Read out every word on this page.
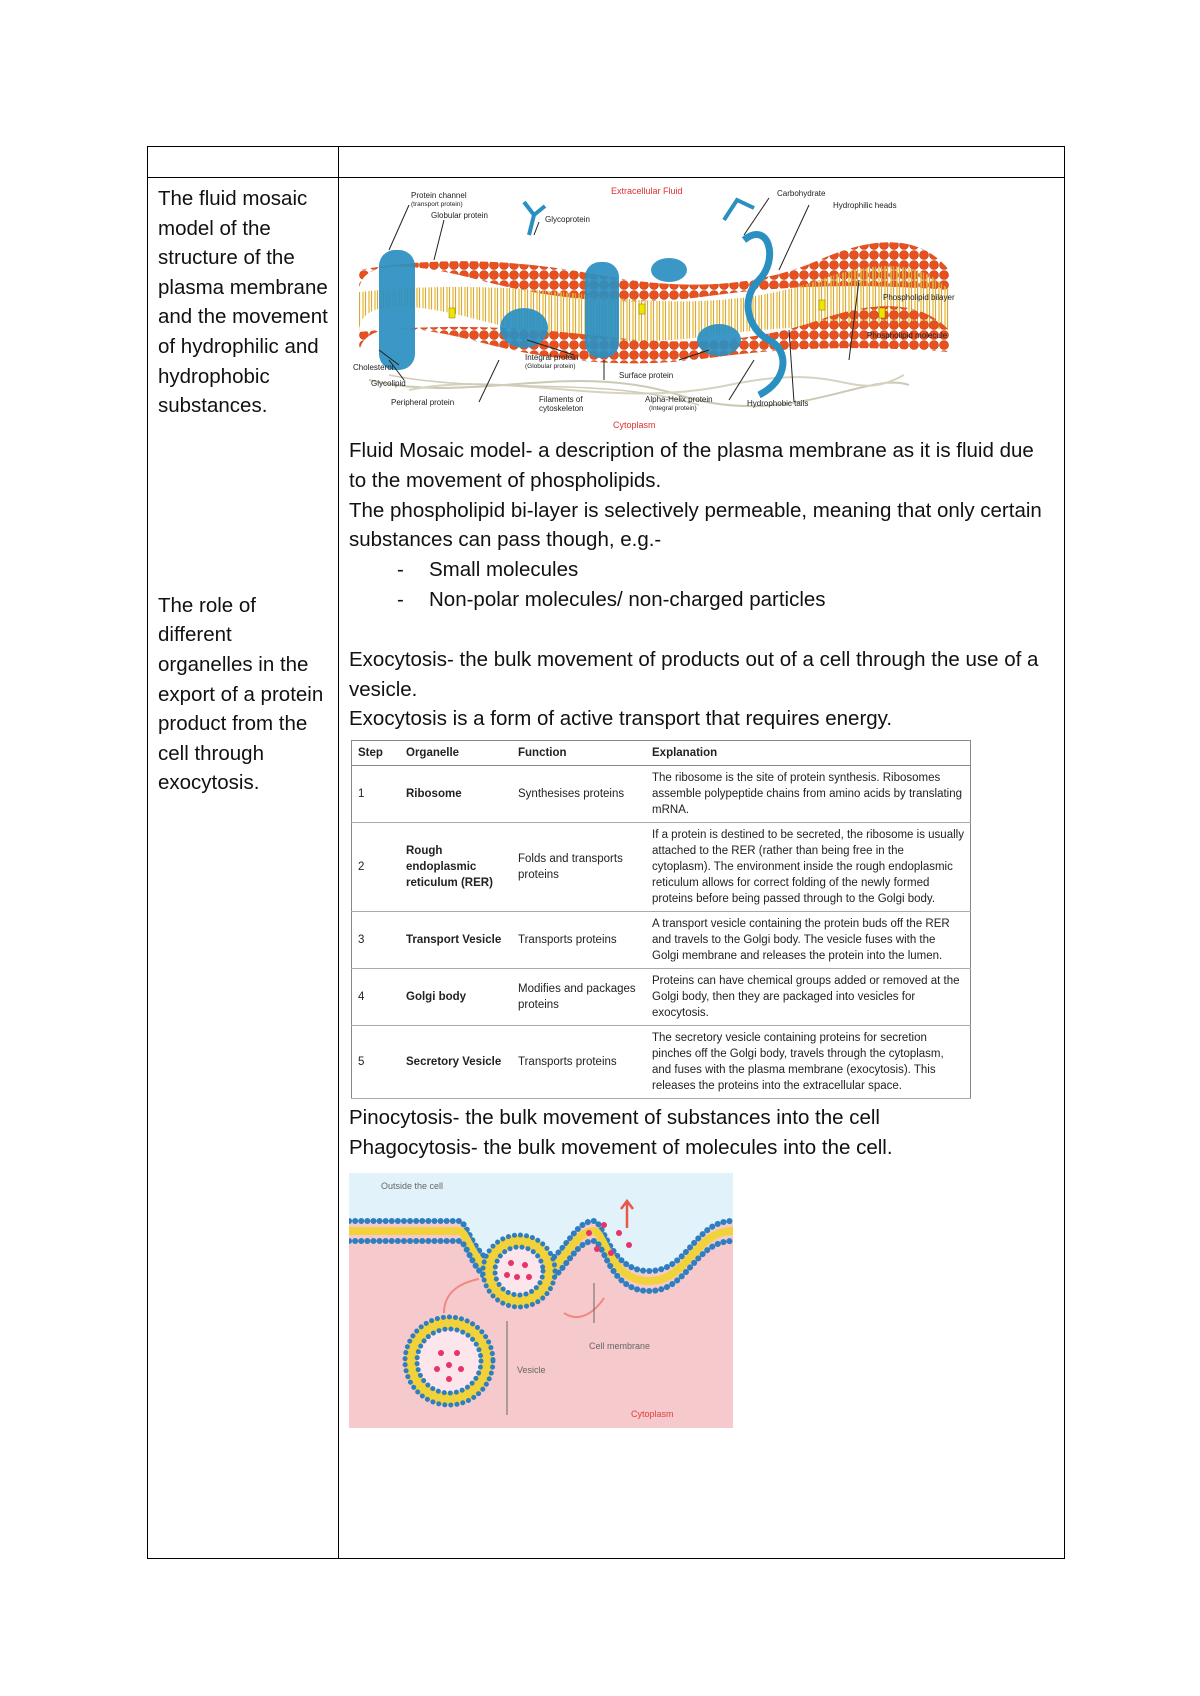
The fluid mosaic model of the structure of the plasma membrane and the movement of hydrophilic and hydrophobic substances.

The role of different organelles in the export of a protein product from the cell through exocytosis.

Protein channel
(transport protein)
Globular protein	Glycoprotein
Extracellular Fluid	Carbohydrate
Hydrophilic heads
Phospholipid bilayer
Phospholipid molecule
Cholesterol
Glycolipid
Integral protein
(Globular protein)
Surface protein
Peripheral protein	Filaments of
cytoskeleton
Alpha-Helix protein
(Integral protein)
Hydrophobic tails
Cytoplasm

Fluid Mosaic model- a description of the plasma membrane as it is fluid due to the movement of phospholipids.

The phospholipid bi-layer is selectively permeable, meaning that only certain substances can pass though, e.g.-

- Small molecules
- Non-polar molecules/ non-charged particles

Exocytosis- the bulk movement of products out of a cell through the use of a vesicle.

Exocytosis is a form of active transport that requires energy.

Step	Organelle	Function	Explanation
1	Ribosome	Synthesises proteins	The ribosome is the site of protein synthesis. Ribosomes assemble polypeptide chains from amino acids by translating mRNA.
2	Rough endoplasmic reticulum (RER)	Folds and transports proteins	If a protein is destined to be secreted, the ribosome is usually attached to the RER (rather than being free in the cytoplasm). The environment inside the rough endoplasmic reticulum allows for correct folding of the newly formed proteins before being passed through to the Golgi body.
3	Transport Vesicle	Transports proteins	A transport vesicle containing the protein buds off the RER and travels to the Golgi body. The vesicle fuses with the Golgi membrane and releases the protein into the lumen.
4	Golgi body	Modifies and packages proteins	Proteins can have chemical groups added or removed at the Golgi body, then they are packaged into vesicles for exocytosis.
5	Secretory Vesicle	Transports proteins	The secretory vesicle containing proteins for secretion pinches off the Golgi body, travels through the cytoplasm, and fuses with the plasma membrane (exocytosis). This releases the proteins into the extracellular space.

Pinocytosis- the bulk movement of substances into the cell

Phagocytosis- the bulk movement of molecules into the cell.

Outside the cell
Cell membrane
Vesicle
Cytoplasm
